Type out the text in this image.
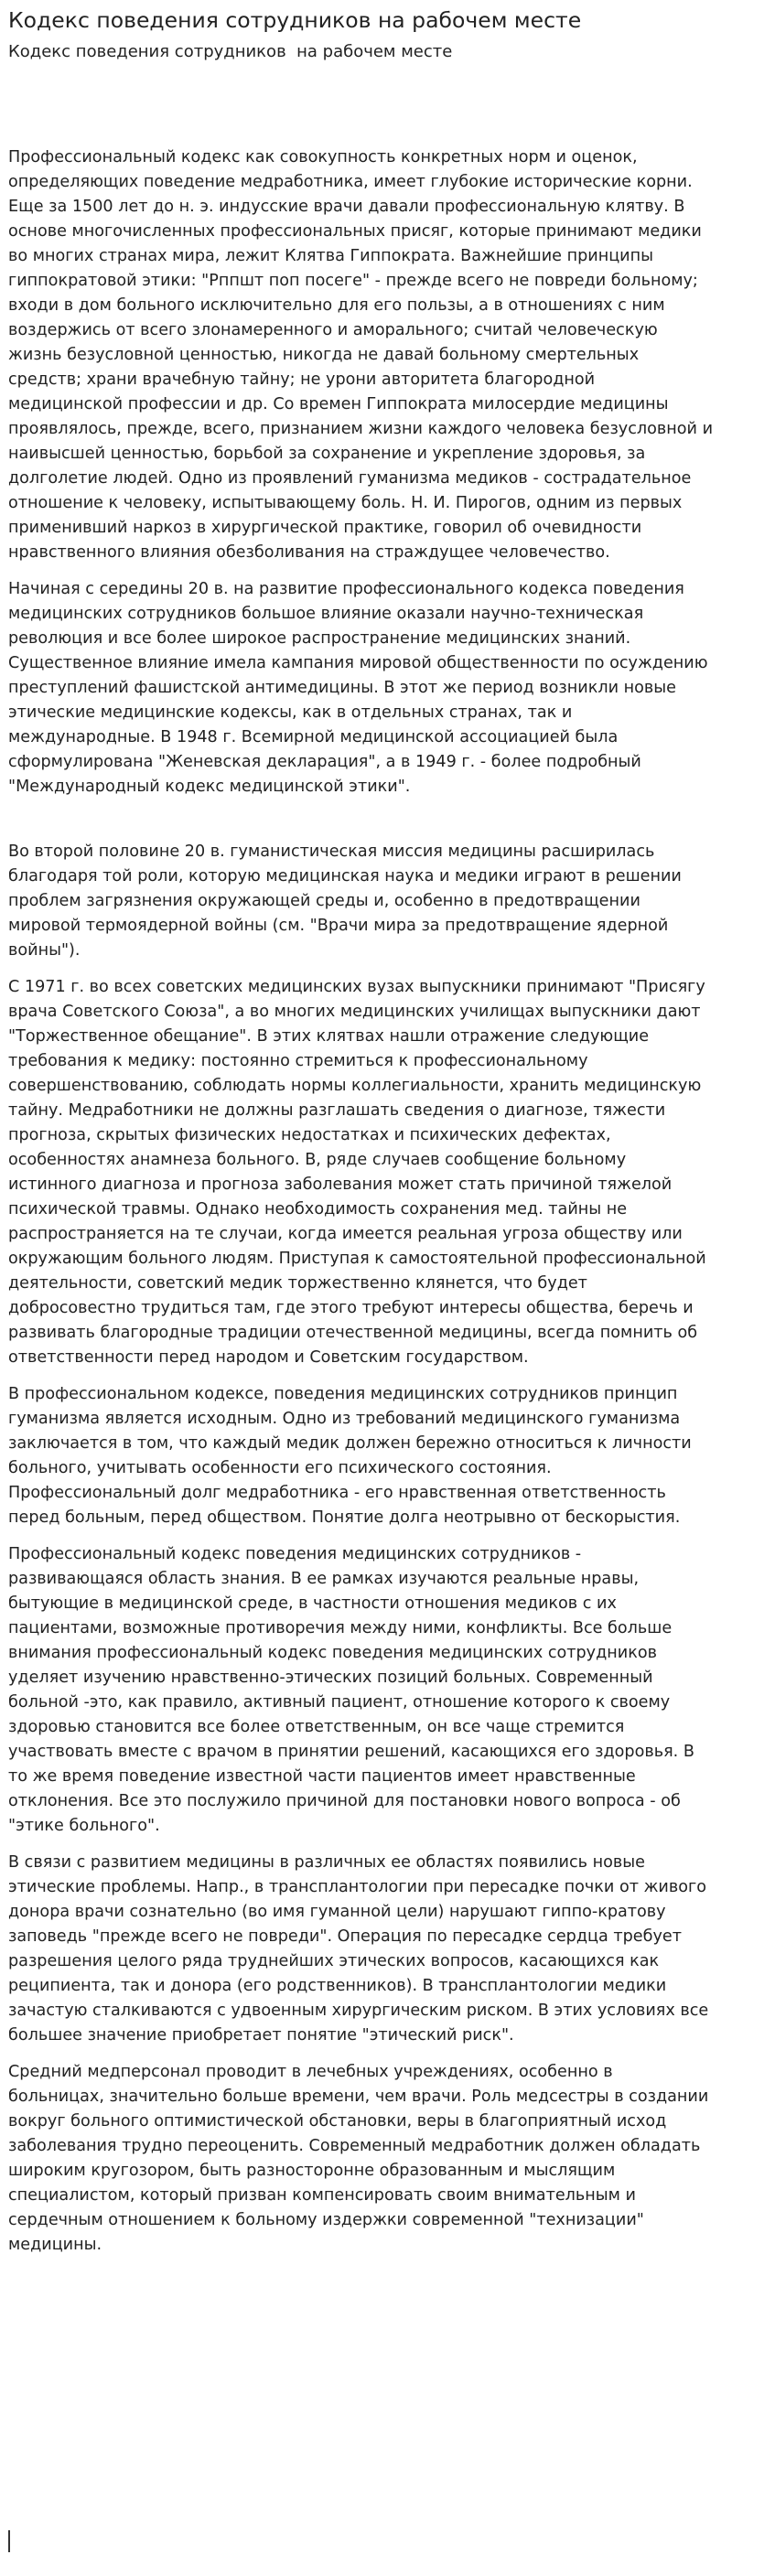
Кодекс поведения сотрудников на рабочем месте
Кодекс поведения сотрудников  на рабочем месте

Профессиональный кодекс как совокупность конкретных норм и оценок,
определяющих поведение медработника, имеет глубокие исторические корни.
Еще за 1500 лет до н. э. индусские врачи давали профессиональную клятву. В
основе многочисленных профессиональных присяг, которые принимают медики
во многих странах мира, лежит Клятва Гиппократа. Важнейшие принципы
гиппократовой этики: "Рппшт поп посеге" - прежде всего не повреди больному;
входи в дом больного исключительно для его пользы, а в отношениях с ним
воздержись от всего злонамеренного и аморального; считай человеческую
жизнь безусловной ценностью, никогда не давай больному смертельных
средств; храни врачебную тайну; не урони авторитета благородной
медицинской профессии и др. Со времен Гиппократа милосердие медицины
проявлялось, прежде, всего, признанием жизни каждого человека безусловной и
наивысшей ценностью, борьбой за сохранение и укрепление здоровья, за
долголетие людей. Одно из проявлений гуманизма медиков - сострадательное
отношение к человеку, испытывающему боль. Н. И. Пирогов, одним из первых
применивший наркоз в хирургической практике, говорил об очевидности
нравственного влияния обезболивания на страждущее человечество.

Начиная с середины 20 в. на развитие профессионального кодекса поведения
медицинских сотрудников большое влияние оказали научно-техническая
революция и все более широкое распространение медицинских знаний.
Существенное влияние имела кампания мировой общественности по осуждению
преступлений фашистской антимедицины. В этот же период возникли новые
этические медицинские кодексы, как в отдельных странах, так и
международные. В 1948 г. Всемирной медицинской ассоциацией была
сформулирована "Женевская декларация", а в 1949 г. - более подробный
"Международный кодекс медицинской этики".

Во второй половине 20 в. гуманистическая миссия медицины расширилась
благодаря той роли, которую медицинская наука и медики играют в решении
проблем загрязнения окружающей среды и, особенно в предотвращении
мировой термоядерной войны (см. "Врачи мира за предотвращение ядерной
войны").

С 1971 г. во всех советских медицинских вузах выпускники принимают "Присягу
врача Советского Союза", а во многих медицинских училищах выпускники дают
"Торжественное обещание". В этих клятвах нашли отражение следующие
требования к медику: постоянно стремиться к профессиональному
совершенствованию, соблюдать нормы коллегиальности, хранить медицинскую
тайну. Медработники не должны разглашать сведения о диагнозе, тяжести
прогноза, скрытых физических недостатках и психических дефектах,
особенностях анамнеза больного. В, ряде случаев сообщение больному
истинного диагноза и прогноза заболевания может стать причиной тяжелой
психической травмы. Однако необходимость сохранения мед. тайны не
распространяется на те случаи, когда имеется реальная угроза обществу или
окружающим больного людям. Приступая к самостоятельной профессиональной
деятельности, советский медик торжественно клянется, что будет
добросовестно трудиться там, где этого требуют интересы общества, беречь и
развивать благородные традиции отечественной медицины, всегда помнить об
ответственности перед народом и Советским государством.

В профессиональном кодексе, поведения медицинских сотрудников принцип
гуманизма является исходным. Одно из требований медицинского гуманизма
заключается в том, что каждый медик должен бережно относиться к личности
больного, учитывать особенности его психического состояния.
Профессиональный долг медработника - его нравственная ответственность
перед больным, перед обществом. Понятие долга неотрывно от бескорыстия.

Профессиональный кодекс поведения медицинских сотрудников -
развивающаяся область знания. В ее рамках изучаются реальные нравы,
бытующие в медицинской среде, в частности отношения медиков с их
пациентами, возможные противоречия между ними, конфликты. Все больше
внимания профессиональный кодекс поведения медицинских сотрудников
уделяет изучению нравственно-этических позиций больных. Современный
больной -это, как правило, активный пациент, отношение которого к своему
здоровью становится все более ответственным, он все чаще стремится
участвовать вместе с врачом в принятии решений, касающихся его здоровья. В
то же время поведение известной части пациентов имеет нравственные
отклонения. Все это послужило причиной для постановки нового вопроса - об
"этике больного".

В связи с развитием медицины в различных ее областях появились новые
этические проблемы. Напр., в трансплантологии при пересадке почки от живого
донора врачи сознательно (во имя гуманной цели) нарушают гиппо-кратову
заповедь "прежде всего не повреди". Операция по пересадке сердца требует
разрешения целого ряда труднейших этических вопросов, касающихся как
реципиента, так и донора (его родственников). В трансплантологии медики
зачастую сталкиваются с удвоенным хирургическим риском. В этих условиях все
большее значение приобретает понятие "этический риск".

Средний медперсонал проводит в лечебных учреждениях, особенно в
больницах, значительно больше времени, чем врачи. Роль медсестры в создании
вокруг больного оптимистической обстановки, веры в благоприятный исход
заболевания трудно переоценить. Современный медработник должен обладать
широким кругозором, быть разносторонне образованным и мыслящим
специалистом, который призван компенсировать своим внимательным и
сердечным отношением к больному издержки современной "технизации"
медицины.
